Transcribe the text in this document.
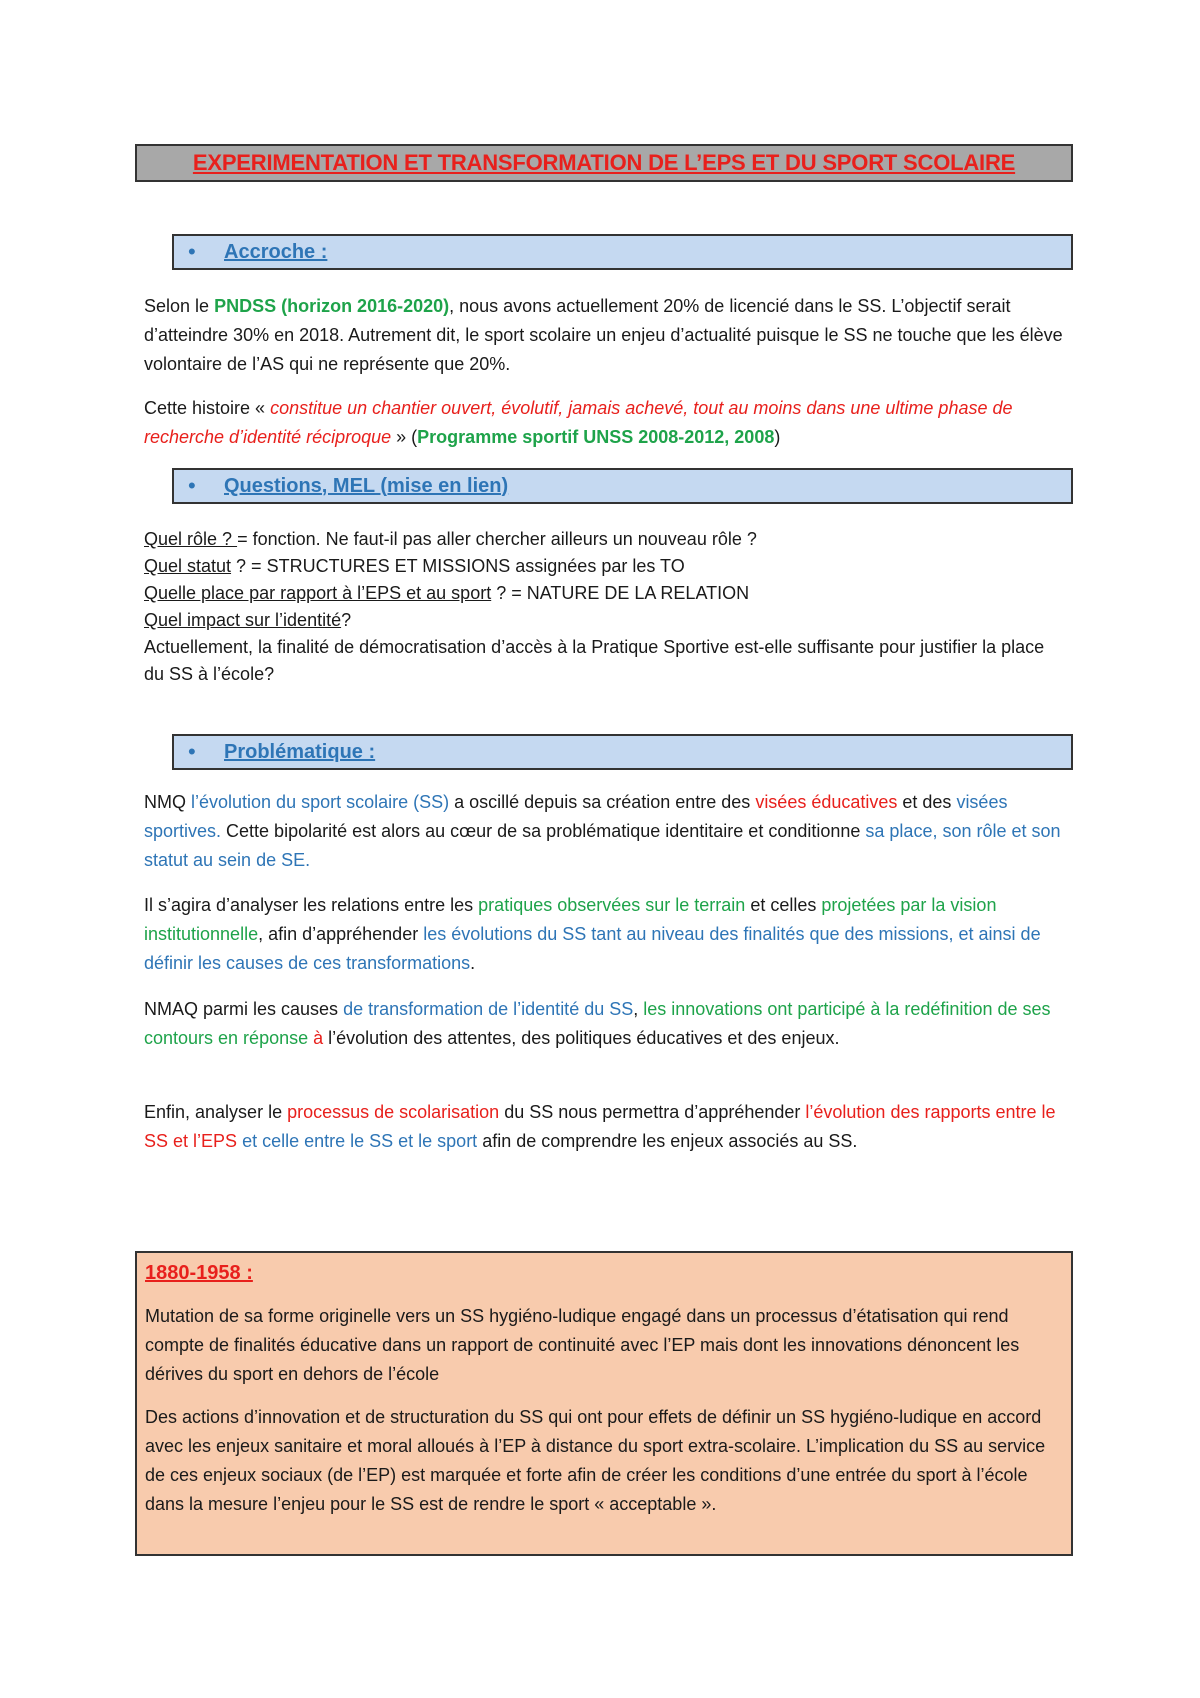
EXPERIMENTATION ET TRANSFORMATION DE L’EPS ET DU SPORT SCOLAIRE
•	Accroche :
Selon le PNDSS (horizon 2016-2020), nous avons actuellement 20% de licencié dans le SS. L’objectif serait d’atteindre 30% en 2018. Autrement dit, le sport scolaire un enjeu d’actualité puisque le SS ne touche que les élève volontaire de l’AS qui ne représente que 20%.
Cette histoire « constitue un chantier ouvert, évolutif, jamais achevé, tout au moins dans une ultime phase de recherche d’identité réciproque » (Programme sportif UNSS 2008-2012, 2008)
•	Questions, MEL (mise en lien)
Quel rôle ? = fonction. Ne faut-il pas aller chercher ailleurs un nouveau rôle ?
Quel statut ? = STRUCTURES ET MISSIONS assignées par les TO
Quelle place par rapport à l’EPS et au sport ? = NATURE DE LA RELATION
Quel impact sur l’identité?
Actuellement, la finalité de démocratisation d’accès à la Pratique Sportive est-elle suffisante pour justifier la place du SS à l’école?
•	Problématique :
NMQ l’évolution du sport scolaire (SS) a oscillé depuis sa création entre des visées éducatives et des visées sportives. Cette bipolarité est alors au cœur de sa problématique identitaire et conditionne sa place, son rôle et son statut au sein de SE.
Il s’agira d’analyser les relations entre les pratiques observées sur le terrain et celles projetées par la vision institutionnelle, afin d’appréhender les évolutions du SS tant au niveau des finalités que des missions, et ainsi de définir les causes de ces transformations.
NMAQ parmi les causes de transformation de l’identité du SS, les innovations ont participé à la redéfinition de ses contours en réponse à l’évolution des attentes, des politiques éducatives et des enjeux.
Enfin, analyser le processus de scolarisation du SS nous permettra d’appréhender l’évolution des rapports entre le SS et l’EPS et celle entre le SS et le sport afin de comprendre les enjeux associés au SS.

1880-1958 :

Mutation de sa forme originelle vers un SS hygiéno-ludique engagé dans un processus d’étatisation qui rend compte de finalités éducative dans un rapport de continuité avec l’EP mais dont les innovations dénoncent les dérives du sport en dehors de l’école

Des actions d’innovation et de structuration du SS qui ont pour effets de définir un SS hygiéno-ludique en accord avec les enjeux sanitaire et moral alloués à l’EP à distance du sport extra-scolaire. L’implication du SS au service de ces enjeux sociaux (de l’EP) est marquée et forte afin de créer les conditions d’une entrée du sport à l’école dans la mesure l’enjeu pour le SS est de rendre le sport « acceptable ».
